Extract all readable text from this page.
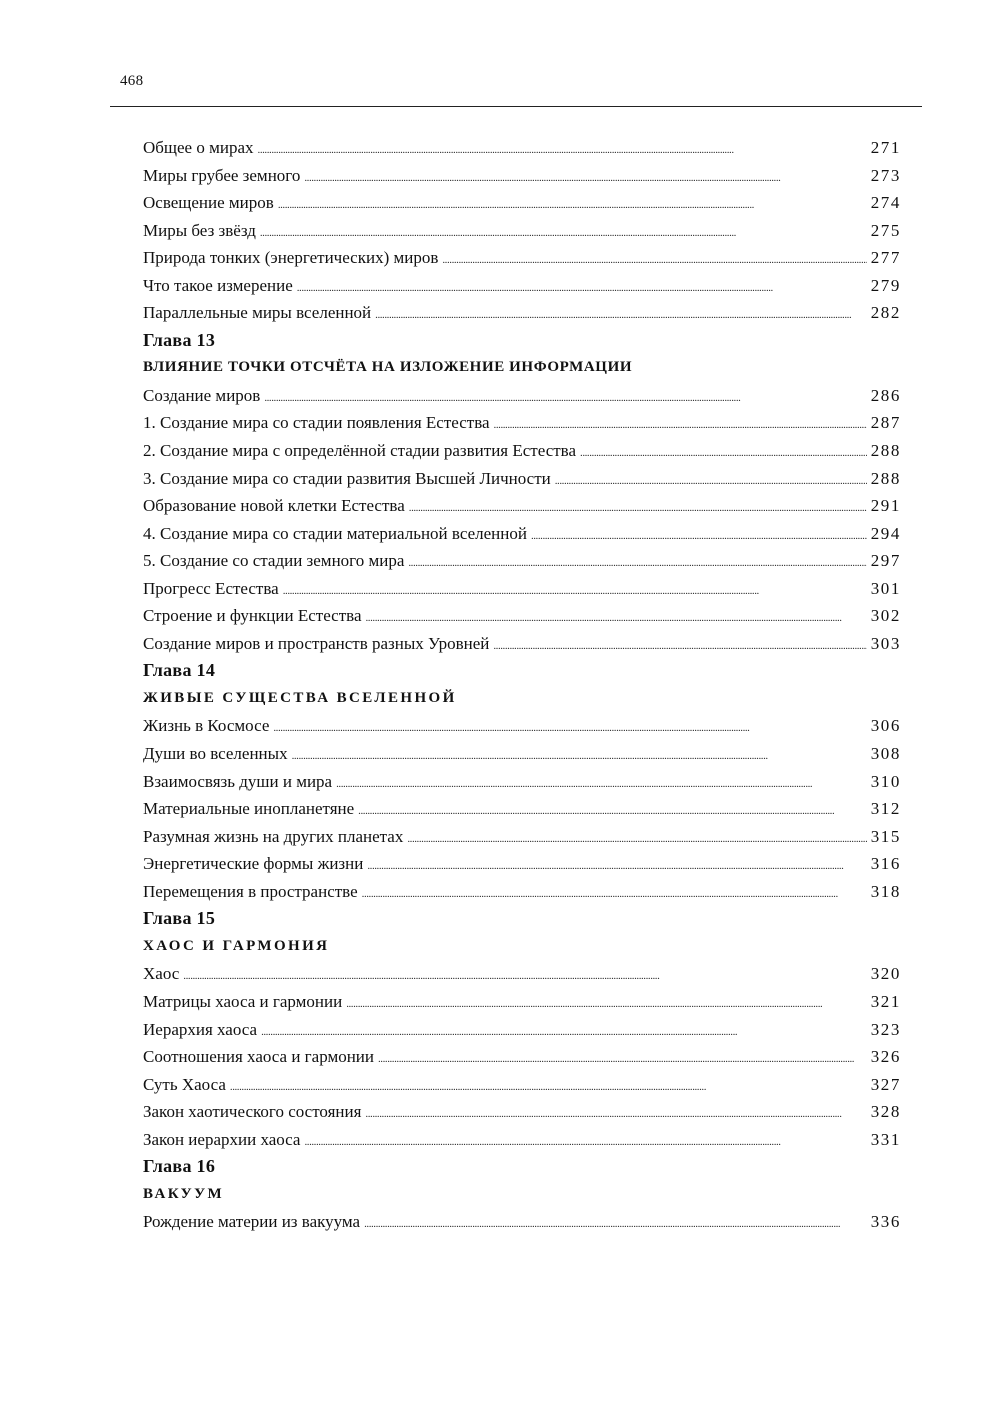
468
Общее о мирах . . .	271
Миры грубее земного . . .	273
Освещение миров . . .	274
Миры без звёзд . . .	275
Природа тонких (энергетических) миров . . .	277
Что такое измерение . . .	279
Параллельные миры вселенной . . .	282
Глава 13
ВЛИЯНИЕ ТОЧКИ ОТСЧЁТА НА ИЗЛОЖЕНИЕ ИНФОРМАЦИИ
Создание миров . . .	286
1. Создание мира со стадии появления Естества . . .	287
2. Создание мира с определённой стадии развития Естества . . .	288
3. Создание мира со стадии развития Высшей Личности . . .	288
Образование новой клетки Естества . . .	291
4. Создание мира со стадии материальной вселенной . . .	294
5. Создание со стадии земного мира . . .	297
Прогресс Естества . . .	301
Строение и функции Естества . . .	302
Создание миров и пространств разных Уровней . . .	303
Глава 14
ЖИВЫЕ СУЩЕСТВА ВСЕЛЕННОЙ
Жизнь в Космосе . . .	306
Души во вселенных . . .	308
Взаимосвязь души и мира . . .	310
Материальные инопланетяне . . .	312
Разумная жизнь на других планетах . . .	315
Энергетические формы жизни . . .	316
Перемещения в пространстве . . .	318
Глава 15
ХАОС И ГАРМОНИЯ
Хаос . . .	320
Матрицы хаоса и гармонии . . .	321
Иерархия хаоса . . .	323
Соотношения хаоса и гармонии . . .	326
Суть Хаоса . . .	327
Закон хаотического состояния . . .	328
Закон иерархии хаоса . . .	331
Глава 16
ВАКУУМ
Рождение материи из вакуума . . .	336
